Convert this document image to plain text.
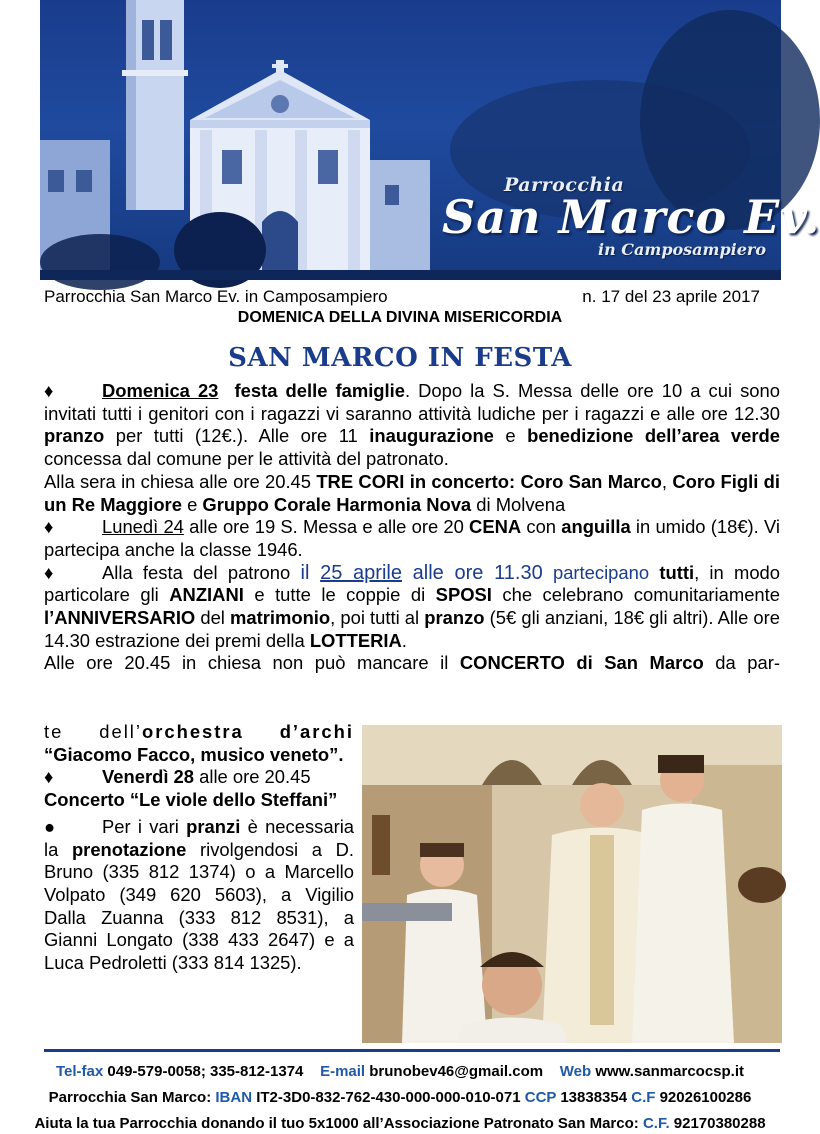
Parrocchia
San Marco Ev.
in Camposampiero
Parrocchia San Marco Ev. in Camposampiero	n. 17 del 23 aprile 2017
DOMENICA DELLA DIVINA MISERICORDIA
SAN MARCO IN FESTA

♦	Domenica 23 festa delle famiglie. Dopo la S. Messa delle ore 10 a cui sono invitati tutti i genitori con i ragazzi vi saranno attività ludiche per i ragazzi e alle ore 12.30 pranzo per tutti (12€.). Alle ore 11 inaugurazione e benedizione dell’area verde concessa dal comune per le attività del patronato.

Alla sera in chiesa alle ore 20.45 TRE CORI in concerto: Coro San Marco, Coro Figli di un Re Maggiore e Gruppo Corale Harmonia Nova di Molvena

♦	Lunedì 24 alle ore 19 S. Messa e alle ore 20 CENA con anguilla in umido (18€). Vi partecipa anche la classe 1946.

♦	Alla festa del patrono il 25 aprile alle ore 11.30 partecipano tutti, in modo particolare gli ANZIANI e tutte le coppie di SPOSI che celebrano comunitariamente l’ANNIVERSARIO del matrimonio, poi tutti al pranzo (5€ gli anziani, 18€ gli altri). Alle ore 14.30 estrazione dei premi della LOTTERIA.

Alle ore 20.45 in chiesa non può mancare il CONCERTO di San Marco da par-

te dell’orchestra d’archi

“Giacomo Facco, musico veneto”.

♦	Venerdì 28 alle ore 20.45

Concerto “Le viole dello Steffani”

●	Per i vari pranzi è necessaria la prenotazione rivolgendosi a D. Bruno (335 812 1374) o a Marcello Volpato (349 620 5603), a Vigilio Dalla Zuanna (333 812 8531), a Gianni Longato (338 433 2647) e a Luca Pedroletti (333 814 1325).

Tel-fax 049-579-0058; 335-812-1374 E-mail brunobev46@gmail.com Web www.sanmarcocsp.it
Parrocchia San Marco: IBAN IT2-3D0-832-762-430-000-000-010-071 CCP 13838354 C.F 92026100286
Aiuta la tua Parrocchia donando il tuo 5x1000 all’Associazione Patronato San Marco: C.F. 92170380288
